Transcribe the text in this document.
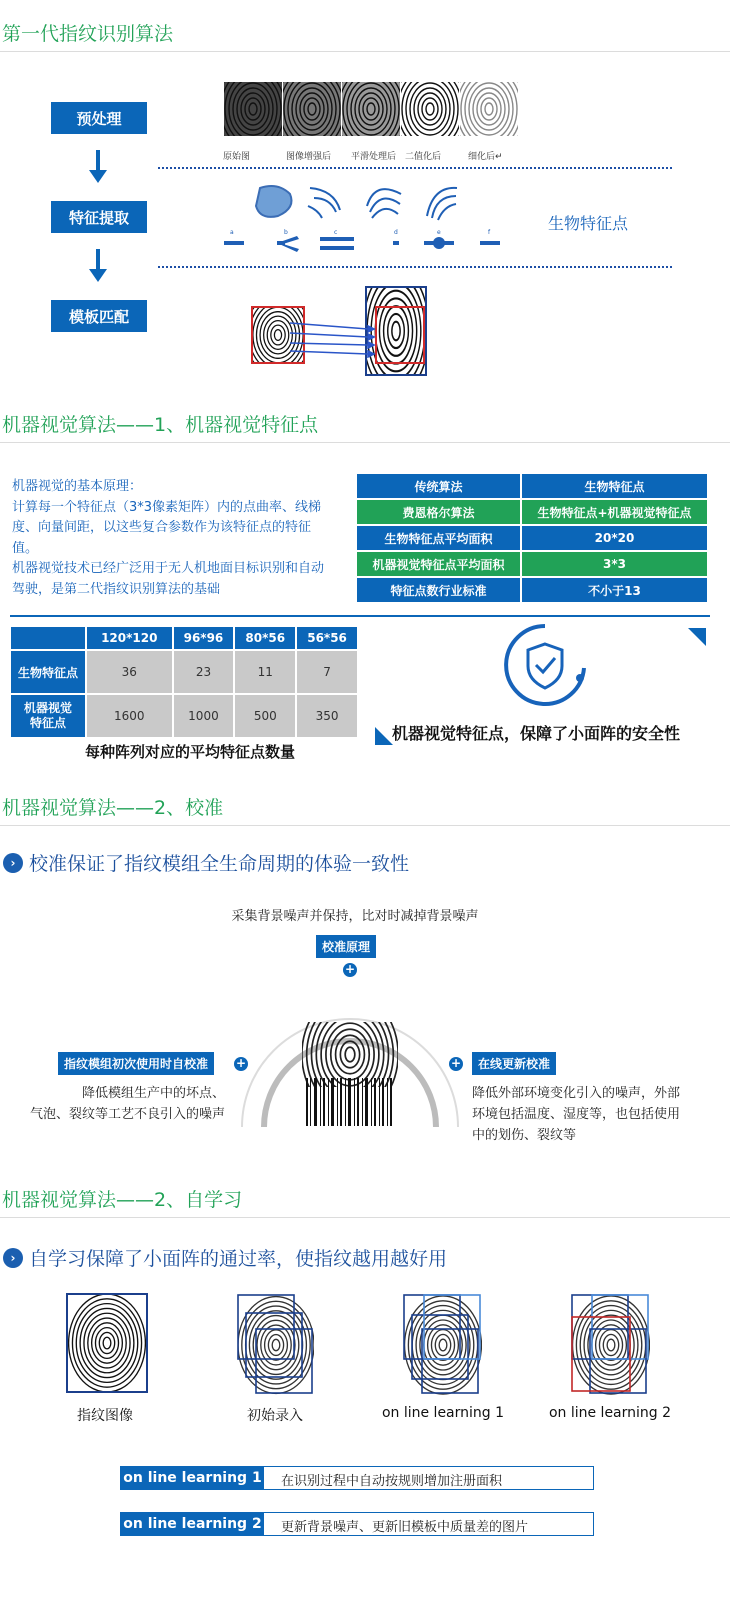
第一代指纹识别算法
预处理
特征提取
模板匹配
原始图	图像增强后 平滑处理后 二值化后	细化后↵
a	b	c	d	e	f	生物特征点
机器视觉算法——1、机器视觉特征点
机器视觉的基本原理：
计算每一个特征点（3*3像素矩阵）内的点曲率、线梯
度、向量间距，以这些复合参数作为该特征点的特征
值。
机器视觉技术已经广泛用于无人机地面目标识别和自动
驾驶，是第二代指纹识别算法的基础
传统算法	生物特征点
费恩格尔算法	生物特征点+机器视觉特征点
生物特征点平均面积	20*20
机器视觉特征点平均面积	3*3
特征点数行业标准	不小于13
	120*120	96*96	80*56	56*56
生物特征点	36	23	11	7
机器视觉
特征点	1600	1000	500	350
每种阵列对应的平均特征点数量
机器视觉特征点，保障了小面阵的安全性
机器视觉算法——2、校准
› 校准保证了指纹模组全生命周期的体验一致性
采集背景噪声并保持，比对时减掉背景噪声
校准原理
+
+	+
指纹模组初次使用时自校准
降低模组生产中的坏点、
气泡、裂纹等工艺不良引入的噪声
在线更新校准
降低外部环境变化引入的噪声，外部
环境包括温度、湿度等，也包括使用
中的划伤、裂纹等
机器视觉算法——2、自学习
› 自学习保障了小面阵的通过率，使指纹越用越好用
指纹图像	初始录入	on line learning 1	on line learning 2
on line learning 1 在识别过程中自动按规则增加注册面积
on line learning 2 更新背景噪声、更新旧模板中质量差的图片
